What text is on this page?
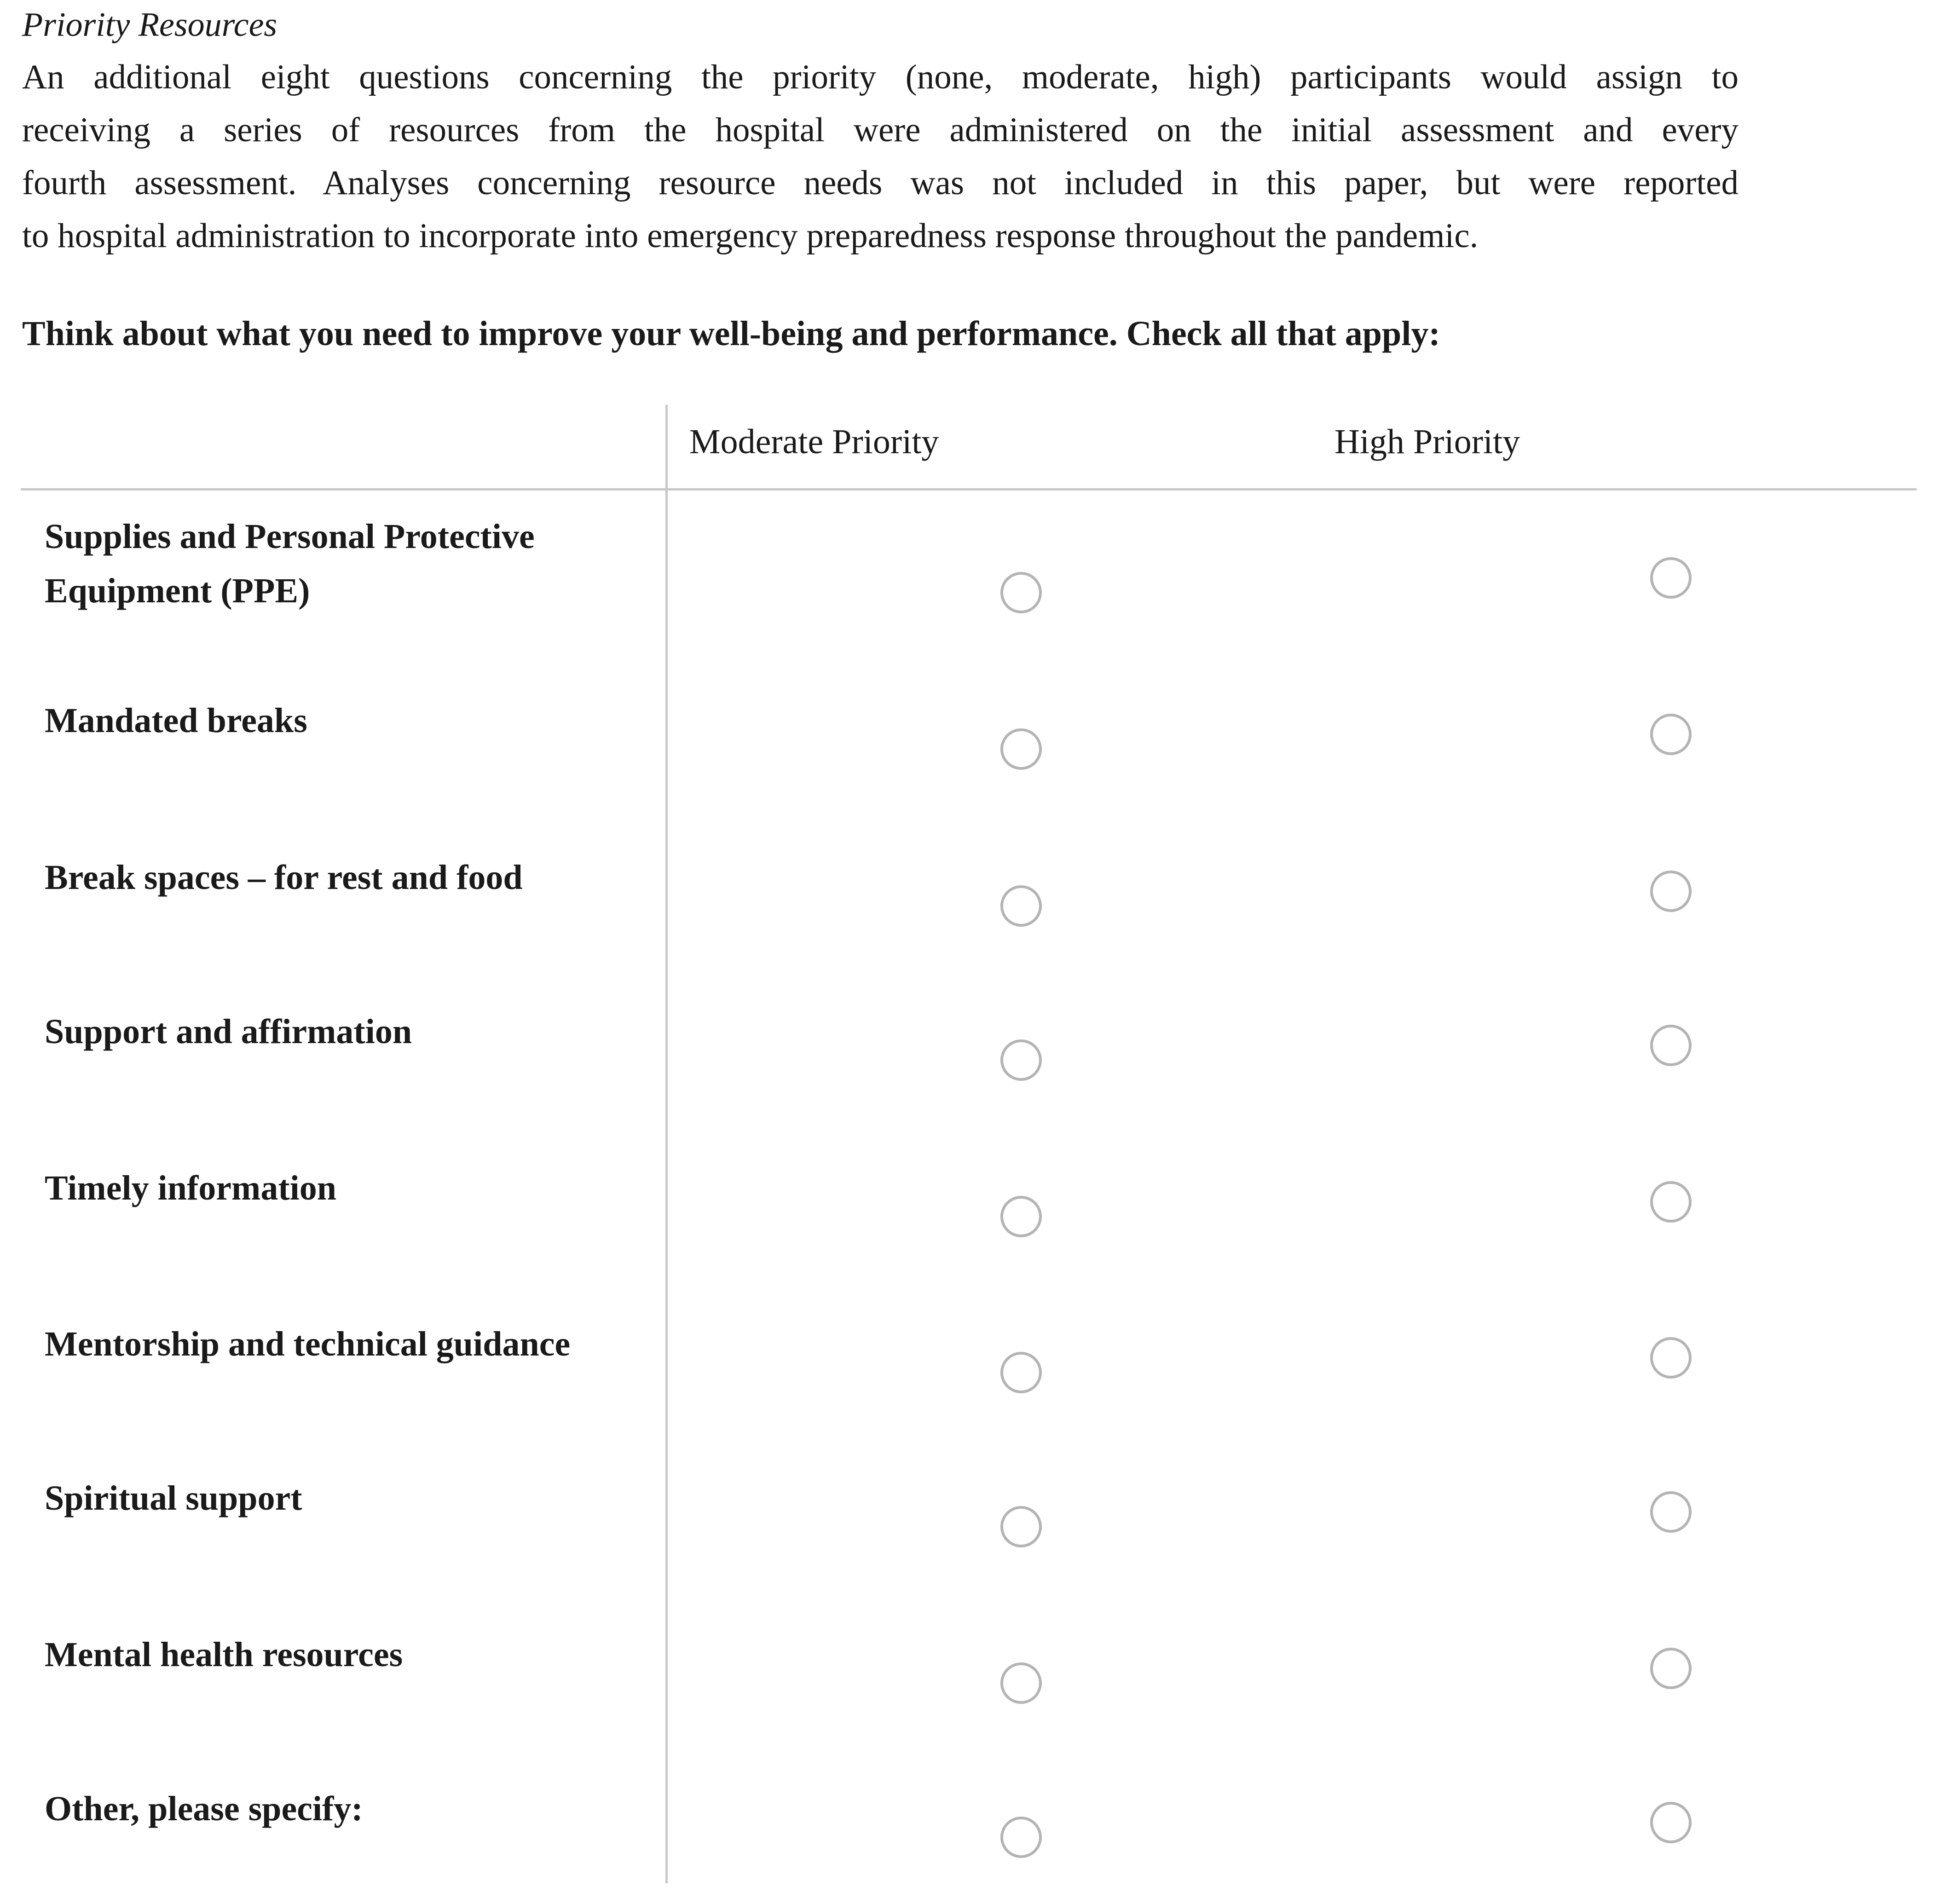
Priority Resources
An additional eight questions concerning the priority (none, moderate, high) participants would assign to
receiving a series of resources from the hospital were administered on the initial assessment and every
fourth assessment. Analyses concerning resource needs was not included in this paper, but were reported
to hospital administration to incorporate into emergency preparedness response throughout the pandemic.
Think about what you need to improve your well-being and performance. Check all that apply:
Moderate Priority	High Priority
Supplies and Personal Protective Equipment (PPE)
Mandated breaks
Break spaces – for rest and food
Support and affirmation
Timely information
Mentorship and technical guidance
Spiritual support
Mental health resources
Other, please specify:
